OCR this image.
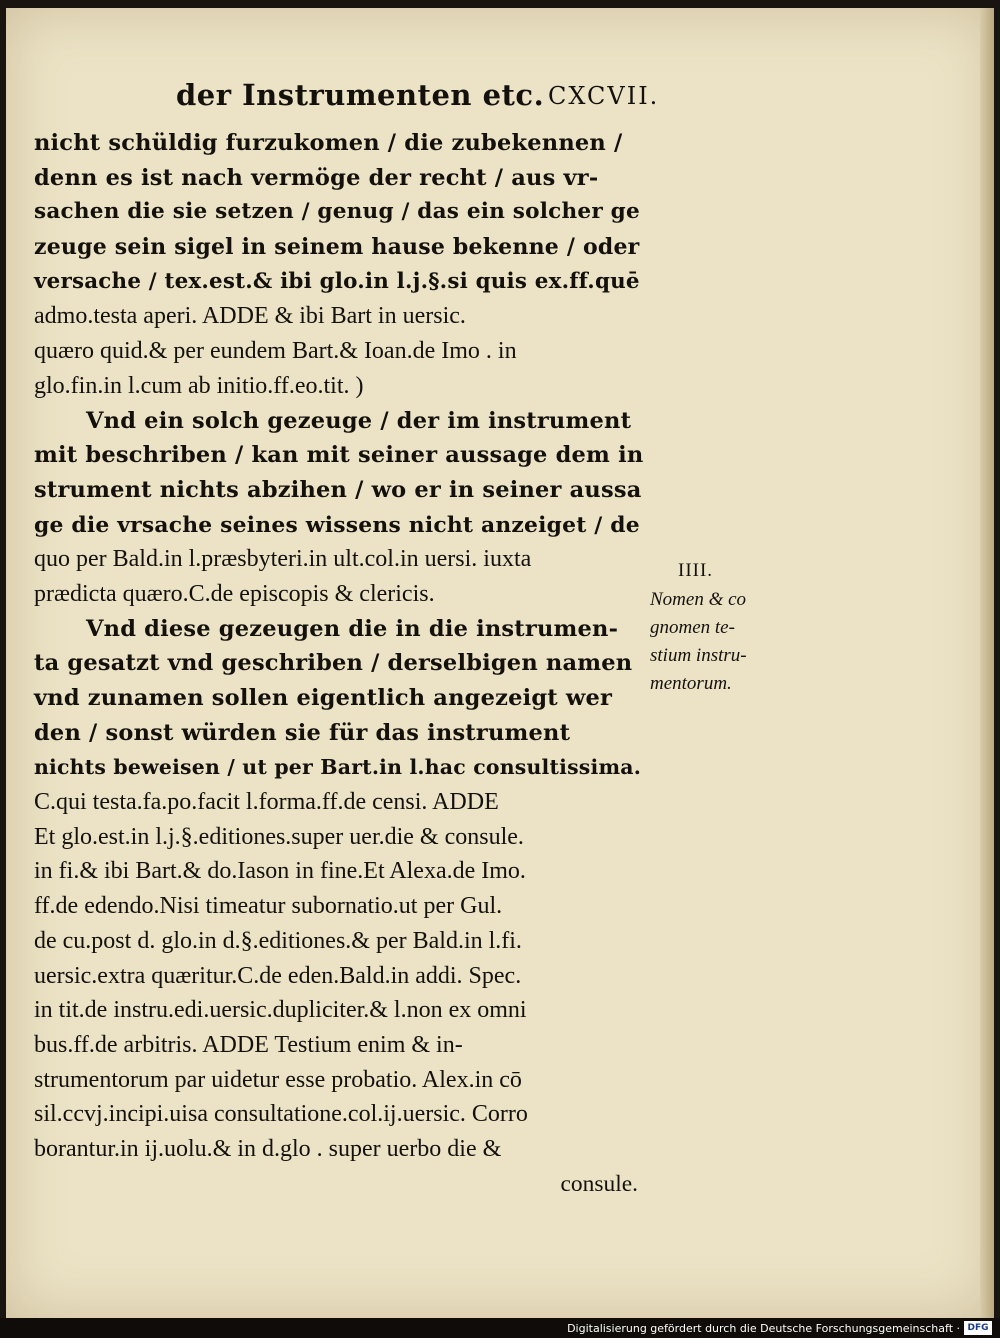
der Instrumenten etc. CXCVII.
nicht schüldig furzukomen / die zubekennen /
denn es ist nach vermöge der recht / aus vr-
sachen die sie setzen / genug / das ein solcher ge
zeuge sein sigel in seinem hause bekenne / oder
versache / tex.est.& ibi glo.in l.j.§.si quis ex.ff.quē
admo.testa aperi. ADDE & ibi Bart in uersic.
quæro quid.& per eundem Bart.& Ioan.de Imo . in
glo.fin.in l.cum ab initio.ff.eo.tit. )
Vnd ein solch gezeuge / der im instrument
mit beschriben / kan mit seiner aussage dem in
strument nichts abzihen / wo er in seiner aussa
ge die vrsache seines wissens nicht anzeiget / de
quo per Bald.in l.præsbyteri.in ult.col.in uersi. iuxta
prædicta quæro.C.de episcopis & clericis.
Vnd diese gezeugen die in die instrumen-
ta gesatzt vnd geschriben / derselbigen namen
vnd zunamen sollen eigentlich angezeigt wer
den / sonst würden sie für das instrument
nichts beweisen / ut per Bart.in l.hac consultissima.
C.qui testa.fa.po.facit l.forma.ff.de censi. ADDE
Et glo.est.in l.j.§.editiones.super uer.die & consule.
in fi.& ibi Bart.& do.Iason in fine.Et Alexa.de Imo.
ff.de edendo.Nisi timeatur subornatio.ut per Gul.
de cu.post d. glo.in d.§.editiones.& per Bald.in l.fi.
uersic.extra quæritur.C.de eden.Bald.in addi. Spec.
in tit.de instru.edi.uersic.dupliciter.& l.non ex omni
bus.ff.de arbitris. ADDE Testium enim & in-
strumentorum par uidetur esse probatio. Alex.in cō
sil.ccvj.incipi.uisa consultatione.col.ij.uersic. Corro
borantur.in ij.uolu.& in d.glo . super uerbo die &
consule.
IIII.
Nomen & co
gnomen te-
stium instru-
mentorum.
Digitalisierung gefördert durch die Deutsche Forschungsgemeinschaft · DFG
